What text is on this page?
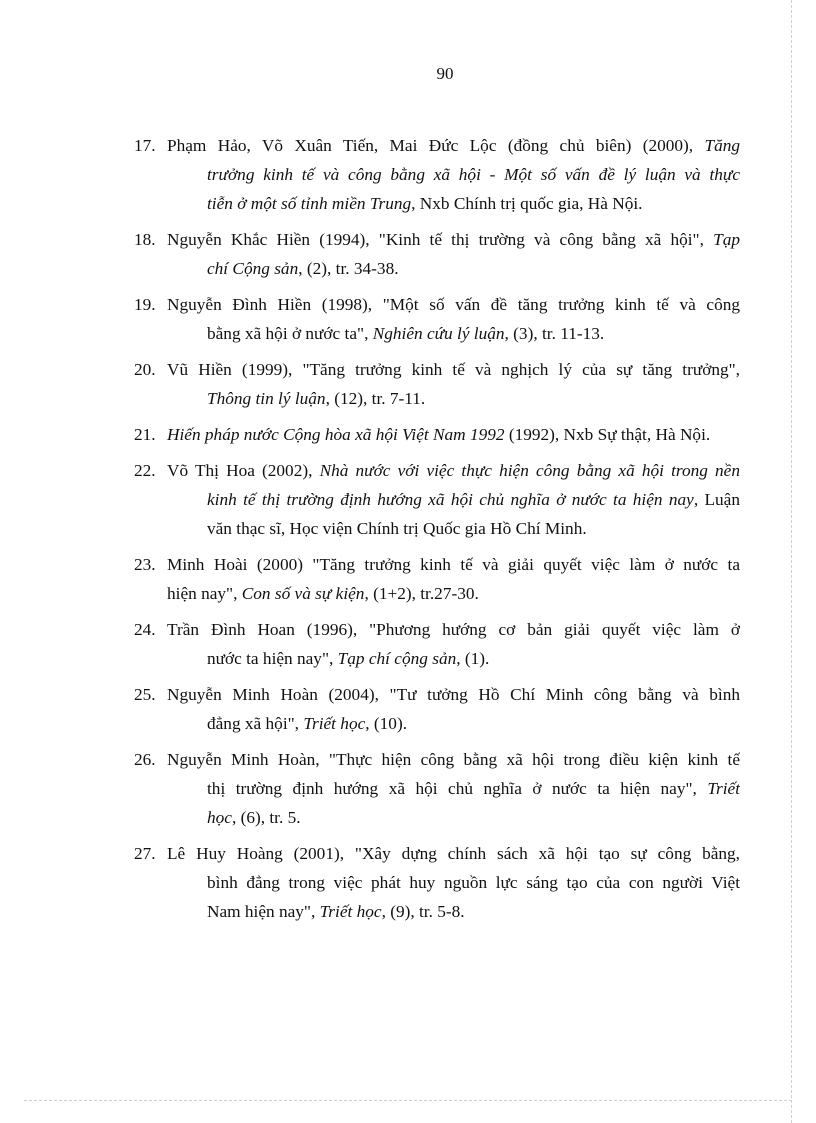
90
17. Phạm Hảo, Võ Xuân Tiến, Mai Đức Lộc (đồng chủ biên) (2000), Tăng
trưởng kinh tế và công bằng xã hội - Một số vấn đề lý luận và thực
tiễn ở một số tỉnh miền Trung, Nxb Chính trị quốc gia, Hà Nội.
18. Nguyễn Khắc Hiền (1994), "Kinh tế thị trường và công bằng xã hội", Tạp
chí Cộng sản, (2), tr. 34-38.
19. Nguyễn Đình Hiền (1998), "Một số vấn đề tăng trưởng kinh tế và công
bằng xã hội ở nước ta", Nghiên cứu lý luận, (3), tr. 11-13.
20. Vũ Hiền (1999), "Tăng trưởng kinh tế và nghịch lý của sự tăng trưởng",
Thông tin lý luận, (12), tr. 7-11.
21. Hiến pháp nước Cộng hòa xã hội Việt Nam 1992 (1992), Nxb Sự thật, Hà Nội.
22. Võ Thị Hoa (2002), Nhà nước với việc thực hiện công bằng xã hội trong nền
kinh tế thị trường định hướng xã hội chủ nghĩa ở nước ta hiện nay, Luận
văn thạc sĩ, Học viện Chính trị Quốc gia Hồ Chí Minh.
23. Minh Hoài (2000) "Tăng trưởng kinh tế và giải quyết việc làm ở nước ta
hiện nay", Con số và sự kiện, (1+2), tr.27-30.
24. Trần Đình Hoan (1996), "Phương hướng cơ bản giải quyết việc làm ở
nước ta hiện nay", Tạp chí cộng sản, (1).
25. Nguyễn Minh Hoàn (2004), "Tư tưởng Hồ Chí Minh công bằng và bình
đẳng xã hội", Triết học, (10).
26. Nguyễn Minh Hoàn, "Thực hiện công bằng xã hội trong điều kiện kinh tế
thị trường định hướng xã hội chủ nghĩa ở nước ta hiện nay", Triết
học, (6), tr. 5.
27. Lê Huy Hoàng (2001), "Xây dựng chính sách xã hội tạo sự công bằng,
bình đẳng trong việc phát huy nguồn lực sáng tạo của con người Việt
Nam hiện nay", Triết học, (9), tr. 5-8.
